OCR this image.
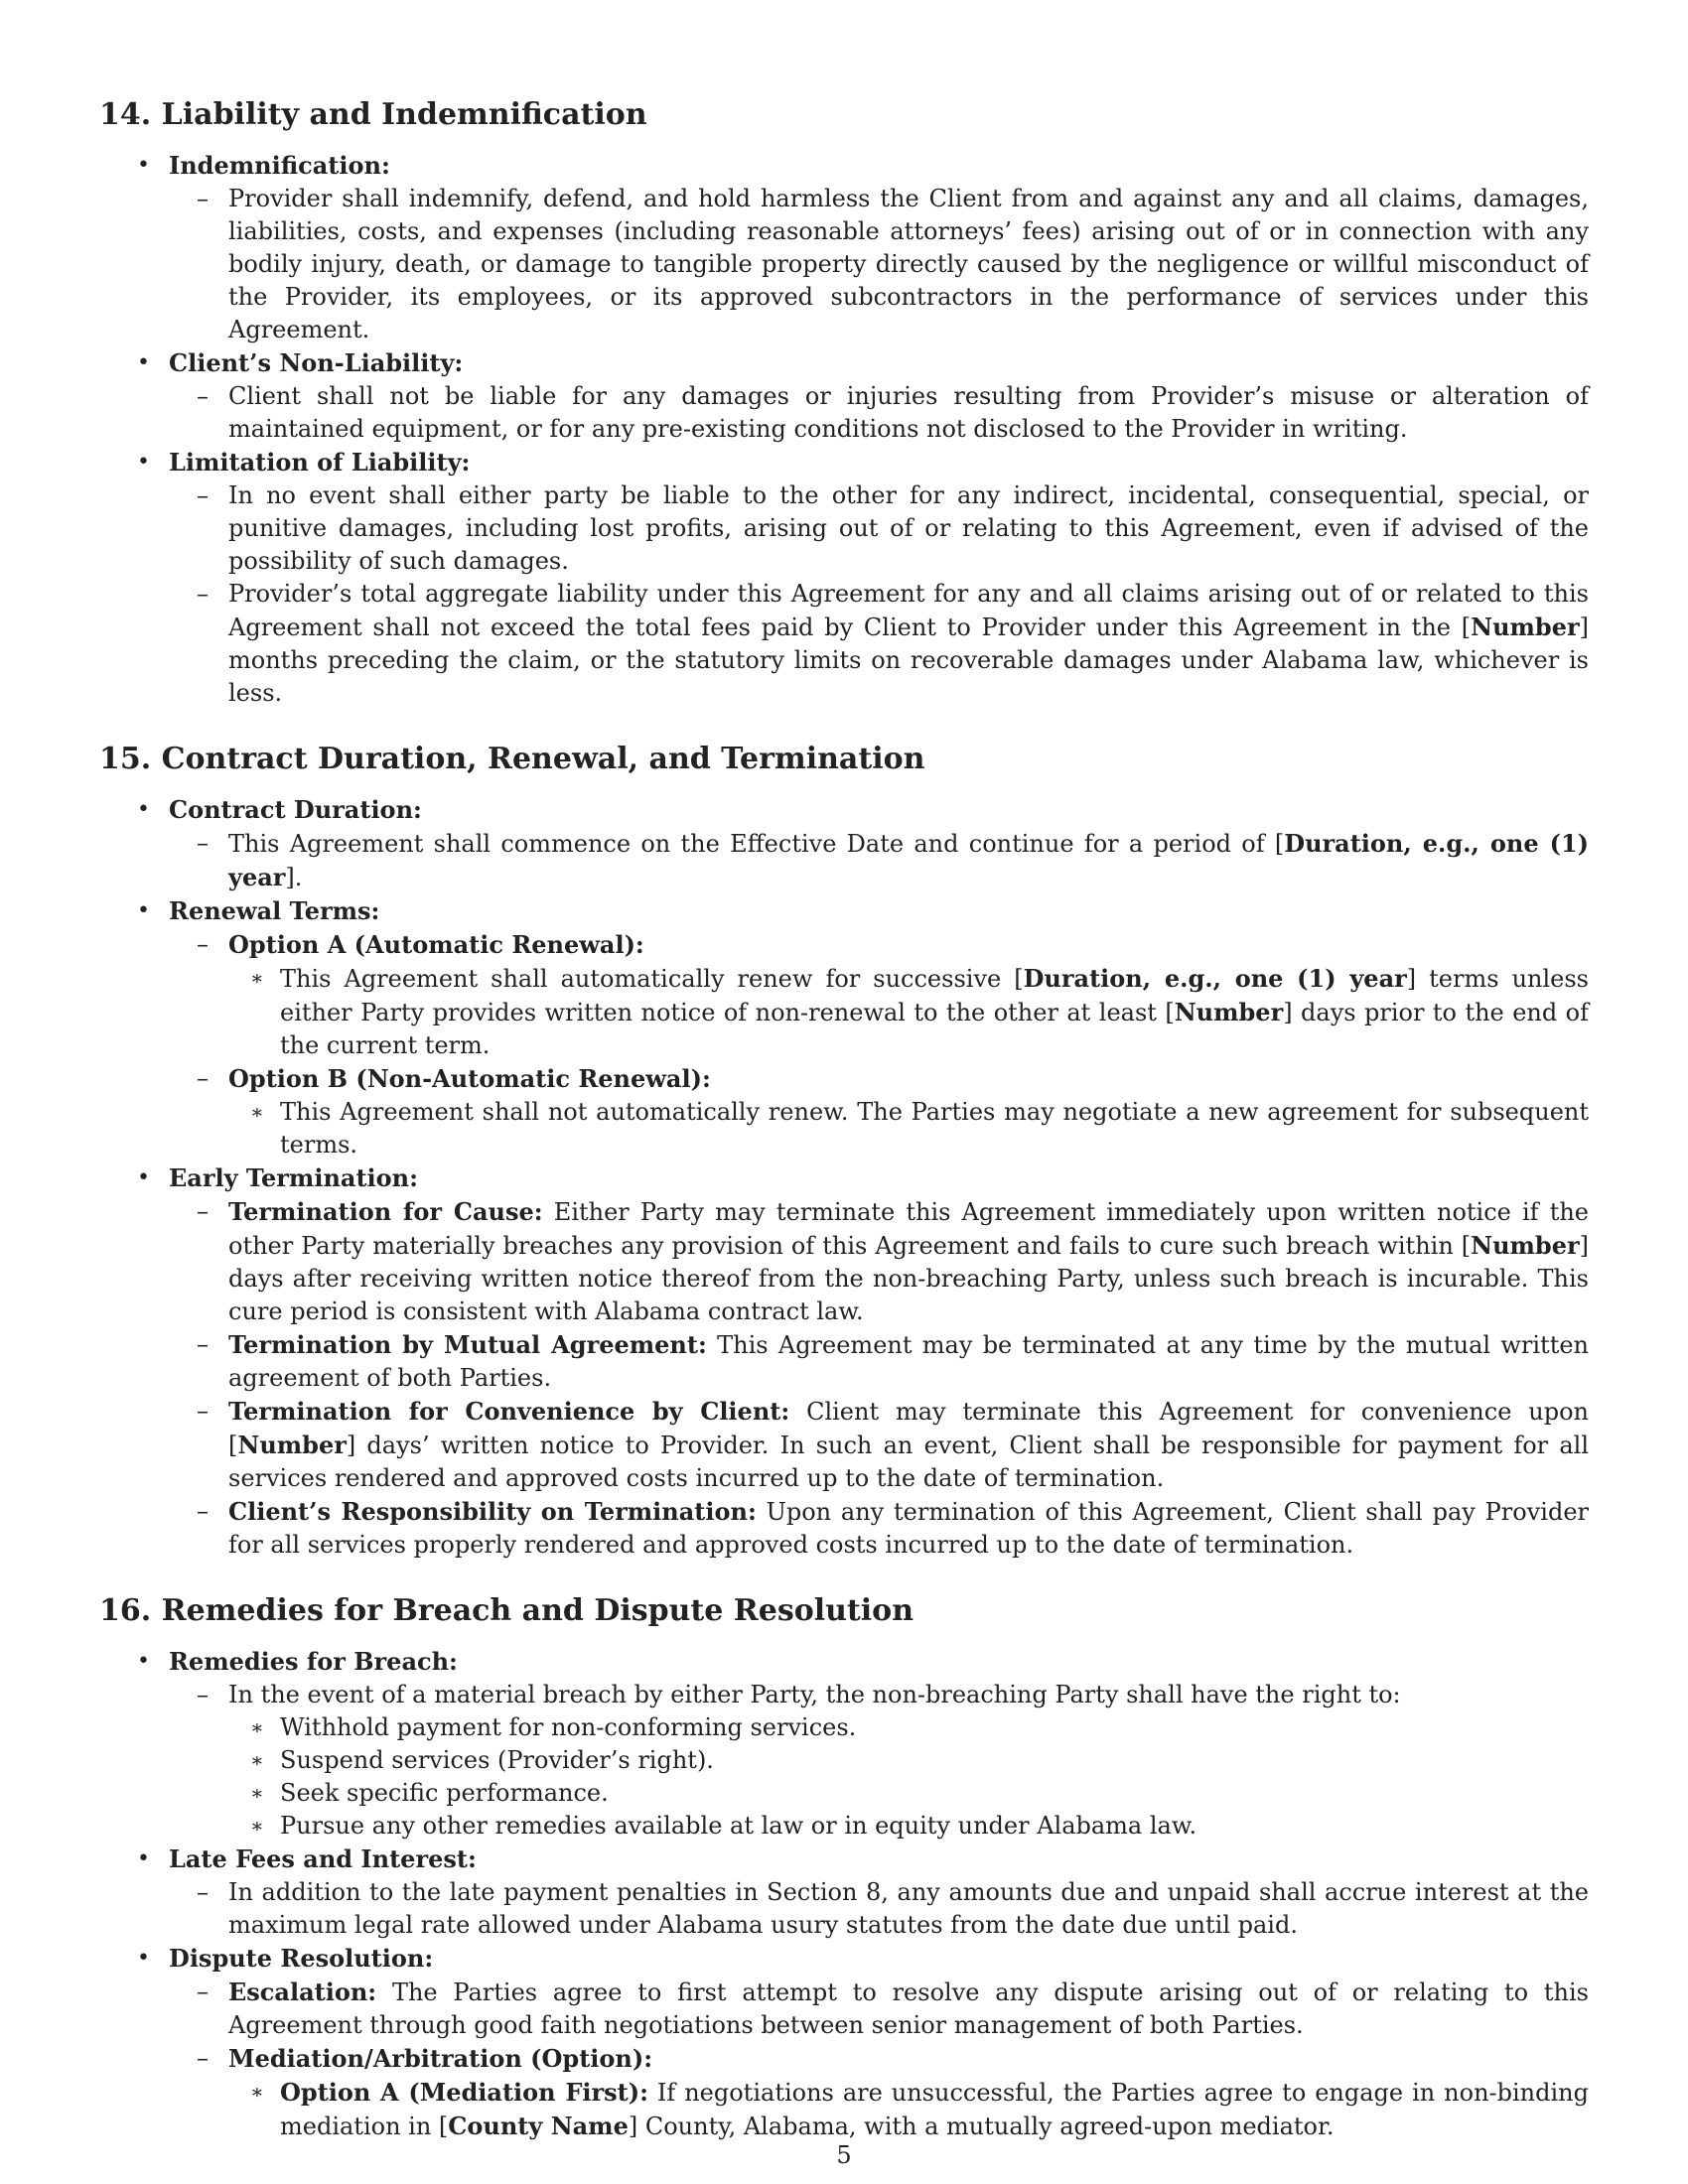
14. Liability and Indemnification
• Indemnification:
– Provider shall indemnify, defend, and hold harmless the Client from and against any and all claims, damages, liabilities, costs, and expenses (including reasonable attorneys’ fees) arising out of or in connection with any bodily injury, death, or damage to tangible property directly caused by the negligence or willful misconduct of the Provider, its employees, or its approved subcontractors in the performance of services under this Agreement.
• Client’s Non-Liability:
– Client shall not be liable for any damages or injuries resulting from Provider’s misuse or alteration of maintained equipment, or for any pre-existing conditions not disclosed to the Provider in writing.
• Limitation of Liability:
– In no event shall either party be liable to the other for any indirect, incidental, consequential, special, or punitive damages, including lost profits, arising out of or relating to this Agreement, even if advised of the possibility of such damages.
– Provider’s total aggregate liability under this Agreement for any and all claims arising out of or related to this Agreement shall not exceed the total fees paid by Client to Provider under this Agreement in the [Number] months preceding the claim, or the statutory limits on recoverable damages under Alabama law, whichever is less.
15. Contract Duration, Renewal, and Termination
• Contract Duration:
– This Agreement shall commence on the Effective Date and continue for a period of [Duration, e.g., one (1) year].
• Renewal Terms:
– Option A (Automatic Renewal):
∗ This Agreement shall automatically renew for successive [Duration, e.g., one (1) year] terms unless either Party provides written notice of non-renewal to the other at least [Number] days prior to the end of the current term.
– Option B (Non-Automatic Renewal):
∗ This Agreement shall not automatically renew. The Parties may negotiate a new agreement for subsequent terms.
• Early Termination:
– Termination for Cause: Either Party may terminate this Agreement immediately upon written notice if the other Party materially breaches any provision of this Agreement and fails to cure such breach within [Number] days after receiving written notice thereof from the non-breaching Party, unless such breach is incurable. This cure period is consistent with Alabama contract law.
– Termination by Mutual Agreement: This Agreement may be terminated at any time by the mutual written agreement of both Parties.
– Termination for Convenience by Client: Client may terminate this Agreement for convenience upon [Number] days’ written notice to Provider. In such an event, Client shall be responsible for payment for all services rendered and approved costs incurred up to the date of termination.
– Client’s Responsibility on Termination: Upon any termination of this Agreement, Client shall pay Provider for all services properly rendered and approved costs incurred up to the date of termination.
16. Remedies for Breach and Dispute Resolution
• Remedies for Breach:
– In the event of a material breach by either Party, the non-breaching Party shall have the right to:
∗ Withhold payment for non-conforming services.
∗ Suspend services (Provider’s right).
∗ Seek specific performance.
∗ Pursue any other remedies available at law or in equity under Alabama law.
• Late Fees and Interest:
– In addition to the late payment penalties in Section 8, any amounts due and unpaid shall accrue interest at the maximum legal rate allowed under Alabama usury statutes from the date due until paid.
• Dispute Resolution:
– Escalation: The Parties agree to first attempt to resolve any dispute arising out of or relating to this Agreement through good faith negotiations between senior management of both Parties.
– Mediation/Arbitration (Option):
∗ Option A (Mediation First): If negotiations are unsuccessful, the Parties agree to engage in non-binding mediation in [County Name] County, Alabama, with a mutually agreed-upon mediator.
5
